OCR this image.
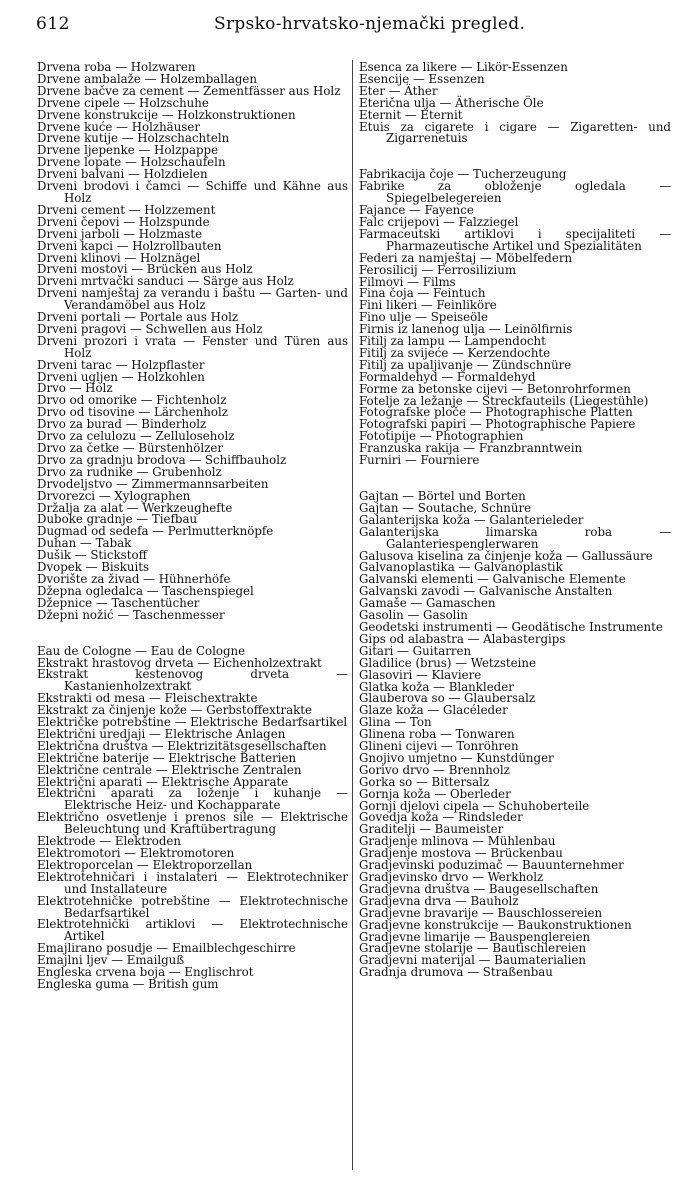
612	Srpsko-hrvatsko-njemački pregled.
Drvena roba — Holzwaren
Drvene ambalaže — Holzemballagen
Drvene bačve za cement — Zementfässer aus Holz
Drvene cipele — Holzschuhe
Drvene konstrukcije — Holzkonstruktionen
Drvene kuće — Holzhäuser
Drvene kutije — Holzschachteln
Drvene ljepenke — Holzpappe
Drvene lopate — Holzschaufeln
Drveni balvani — Holzdielen
Drveni brodovi i čamci — Schiffe und Kähne aus Holz
Drveni cement — Holzzement
Drveni čepovi — Holzspunde
Drveni jarboli — Holzmaste
Drveni kapci — Holzrollbauten
Drveni klinovi — Holznägel
Drveni mostovi — Brücken aus Holz
Drveni mrtvački sanduci — Särge aus Holz
Drveni namještaj za verandu i baštu — Garten- und Verandamöbel aus Holz
Drveni portali — Portale aus Holz
Drveni pragovi — Schwellen aus Holz
Drveni prozori i vrata — Fenster und Türen aus Holz
Drveni tarac — Holzpflaster
Drveni ugljen — Holzkohlen
Drvo — Holz
Drvo od omorike — Fichtenholz
Drvo od tisovine — Lärchenholz
Drvo za burad — Binderholz
Drvo za celulozu — Zelluloseholz
Drvo za četke — Bürstenhölzer
Drvo za gradnju brodova — Schiffbauholz
Drvo za rudnike — Grubenholz
Drvodeljstvo — Zimmermannsarbeiten
Drvorezci — Xylographen
Držalja za alat — Werkzeughefte
Duboke gradnje — Tiefbau
Dugmad od sedefa — Perlmutterknöpfe
Duhan — Tabak
Dušik — Stickstoff
Dvopek — Biskuits
Dvorište za živad — Hühnerhöfe
Džepna ogledalca — Taschenspiegel
Džepnice — Taschentücher
Džepni nožić — Taschenmesser
Eau de Cologne — Eau de Cologne
Ekstrakt hrastovog drveta — Eichenholzextrakt
Ekstrakt kestenovog drveta — Kastanienholzextrakt
Ekstrakti od mesa — Fleischextrakte
Ekstrakt za činjenje kože — Gerbstoffextrakte
Električke potrebštine — Elektrische Bedarfsartikel
Električni uredjaji — Elektrische Anlagen
Električna društva — Elektrizitätsgesellschaften
Električne baterije — Elektrische Batterien
Električne centrale — Elektrische Zentralen
Električni aparati — Elektrische Apparate
Električni aparati za loženje i kuhanje — Elektrische Heiz- und Kochapparate
Električno osvetlenje i prenos sile — Elektrische Beleuchtung und Kraftübertragung
Elektrode — Elektroden
Elektromotori — Elektromotoren
Elektroporcelan — Elektroporzellan
Elektrotehničari i instalateri — Elektrotechniker und Installateure
Elektrotehničke potrebštine — Elektrotechnische Bedarfsartikel
Elektrotehnički artiklovi — Elektrotechnische Artikel
Emajlirano posudje — Emailblechgeschirre
Emajlni ljev — Emailguß
Engleska crvena boja — Englischrot
Engleska guma — British gum
Esenca za likere — Likör-Essenzen
Esencije — Essenzen
Eter — Äther
Eterična ulja — Ätherische Öle
Eternit — Eternit
Etuis za cigarete i cigare — Zigaretten- und Zigarrenetuis
Fabrikacija čoje — Tucherzeugung
Fabrike za obloženje ogledala — Spiegelbelegereien
Fajance — Fayence
Falc crijepovi — Falzziegel
Farmaceutski artiklovi i specijaliteti — Pharmazeutische Artikel und Spezialitäten
Federi za namještaj — Möbelfedern
Ferosilicij — Ferrosilizium
Filmovi — Films
Fina čoja — Feintuch
Fini likeri — Feinliköre
Fino ulje — Speiseöle
Firnis iz lanenog ulja — Leinölfirnis
Fitilj za lampu — Lampendocht
Fitilj za svijeće — Kerzendochte
Fitilj za upaljivanje — Zündschnüre
Formaldehyd — Formaldehyd
Forme za betonske cijevi — Betonrohrformen
Fotelje za ležanje — Streckfauteils (Liegestühle)
Fotografske ploče — Photographische Platten
Fotografski papiri — Photographische Papiere
Fototipije — Photographien
Franzuska rakija — Franzbranntwein
Furniri — Fourniere
Gajtan — Börtel und Borten
Gajtan — Soutache, Schnüre
Galanterijska koža — Galanterieleder
Galanterijska limarska roba — Galanteriespenglerwaren
Galusova kiselina za činjenje koža — Gallussäure
Galvanoplastika — Galvanoplastik
Galvanski elementi — Galvanische Elemente
Galvanski zavodi — Galvanische Anstalten
Gamaše — Gamaschen
Gasolin — Gasolin
Geodetski instrumenti — Geodätische Instrumente
Gips od alabastra — Alabastergips
Gitari — Guitarren
Gladilice (brus) — Wetzsteine
Glasoviri — Klaviere
Glatka koža — Blankleder
Glauberova so — Glaubersalz
Glaze koža — Glacéleder
Glina — Ton
Glinena roba — Tonwaren
Glineni cijevi — Tonröhren
Gnojivo umjetno — Kunstdünger
Gorivo drvo — Brennholz
Gorka so — Bittersalz
Gornja koža — Oberleder
Gornji djelovi cipela — Schuhoberteile
Govedja koža — Rindsleder
Graditelji — Baumeister
Gradjenje mlinova — Mühlenbau
Gradjenje mostova — Brückenbau
Gradjevinski poduzimač — Bauunternehmer
Gradjevinsko drvo — Werkholz
Gradjevna društva — Baugesellschaften
Gradjevna drva — Bauholz
Gradjevne bravarije — Bauschlossereien
Gradjevne konstrukcije — Baukonstruktionen
Gradjevne limarije — Bauspenglereien
Gradjevne stolarije — Bautischlereien
Gradjevni materijal — Baumaterialien
Gradnja drumova — Straßenbau
